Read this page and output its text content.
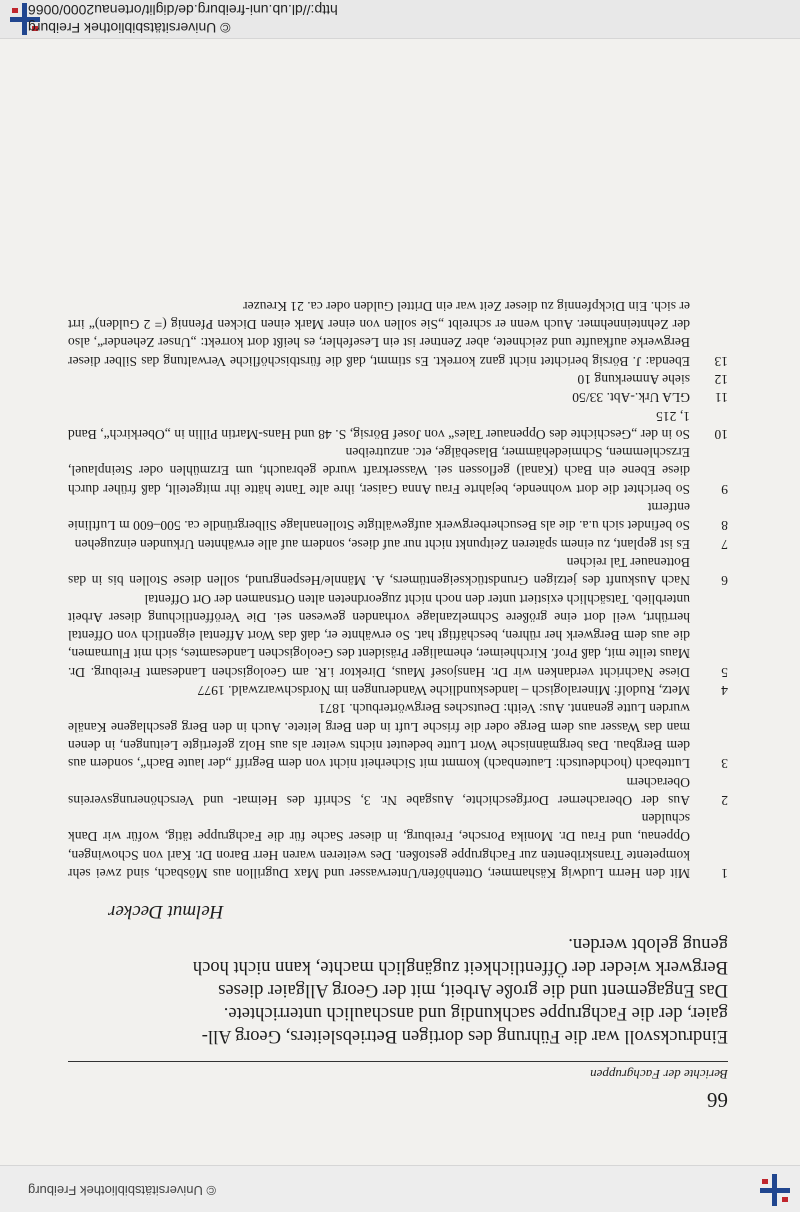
© Universitätsbibliothek Freiburg
66
Berichte der Fachgruppen

Eindrucksvoll war die Führung des dortigen Betriebsleiters, Georg All-

gaier, der die Fachgruppe sachkundig und anschaulich unterrichtete.

Das Engagement und die große Arbeit, mit der Georg Allgaier dieses

Bergwerk wieder der Öffentlichkeit zugänglich machte, kann nicht hoch

genug gelobt werden.

Helmut Decker
1
Mit den Herrn Ludwig Käshammer, Ottenhöfen/Unterwasser und Max Dugrillon aus Mösbach, sind zwei sehr kompetente Transkribenten zur Fachgruppe gestoßen. Des weiteren waren Herr Baron Dr. Karl von Schowingen, Oppenau, und Frau Dr. Monika Porsche, Freiburg, in dieser Sache für die Fachgruppe tätig, wofür wir Dank schulden
2
Aus der Oberacherner Dorfgeschichte, Ausgabe Nr. 3, Schrift des Heimat- und Verschönerungsvereins Oberachern
3
Luttebach (hochdeutsch: Lautenbach) kommt mit Sicherheit nicht von dem Begriff „der laute Bach“, sondern aus dem Bergbau. Das bergmännische Wort Lutte bedeutet nichts weiter als aus Holz gefertigte Leitungen, in denen man das Wasser aus dem Berge oder die frische Luft in den Berg leitete. Auch in den Berg geschlagene Kanäle wurden Lutte genannt. Aus: Veith: Deutsches Bergwörterbuch. 1871
4
Metz, Rudolf: Mineralogisch – landeskundliche Wanderungen im Nordschwarzwald. 1977
5
Diese Nachricht verdanken wir Dr. Hansjosef Maus, Direktor i.R. am Geologischen Landesamt Freiburg. Dr. Maus teilte mit, daß Prof. Kirchheimer, ehemaliger Präsident des Geologischen Landesamtes, sich mit Flurnamen, die aus dem Bergwerk her rühren, beschäftigt hat. So erwähnte er, daß das Wort Affental eigentlich von Offental herrührt, weil dort eine größere Schmelzanlage vorhanden gewesen sei. Die Veröffentlichung dieser Arbeit unterblieb. Tatsächlich existiert unter den noch nicht zugeordneten alten Ortsnamen der Ort Offental
6
Nach Auskunft des jetzigen Grundstückseigentümers, A. Männle/Hespengrund, sollen diese Stollen bis in das Bottenauer Tal reichen
7
Es ist geplant, zu einem späteren Zeitpunkt nicht nur auf diese, sondern auf alle erwähnten Urkunden einzugehen
8
So befindet sich u.a. die als Besucherbergwerk aufgewältigte Stollenanlage Silbergründle ca. 500–600 m Luftlinie entfernt
9
So berichtet die dort wohnende, bejahrte Frau Anna Gaiser, ihre alte Tante hätte ihr mitgeteilt, daß früher durch diese Ebene ein Bach (Kanal) geflossen sei. Wasserkraft wurde gebraucht, um Erzmühlen oder Steinplauel, Erzschlemmen, Schmiedehämmer, Blasebälge, etc. anzutreiben
10
So in der „Geschichte des Oppenauer Tales“ von Josef Börsig, S. 48 und Hans-Martin Pillin in „Oberkirch“, Band 1, 215
11
GLA Urk.-Abt. 33/50
12
siehe Anmerkung 10
13
Ebenda: J. Börsig berichtet nicht ganz korrekt. Es stimmt, daß die fürstbischöfliche Verwaltung das Silber dieser Bergwerke aufkaufte und zeichnete, aber Zentner ist ein Lesefehler, es heißt dort korrekt: „Unser Zehender“, also der Zehnteinnehmer. Auch wenn er schreibt „Sie sollen von einer Mark einen Dicken Pfennig (= 2 Gulden)“ irrt er sich. Ein Dickpfennig zu dieser Zeit war ein Drittel Gulden oder ca. 21 Kreuzer
© Universitätsbibliothek Freiburg
http://dl.ub.uni-freiburg.de/diglit/ortenau2000/0066
